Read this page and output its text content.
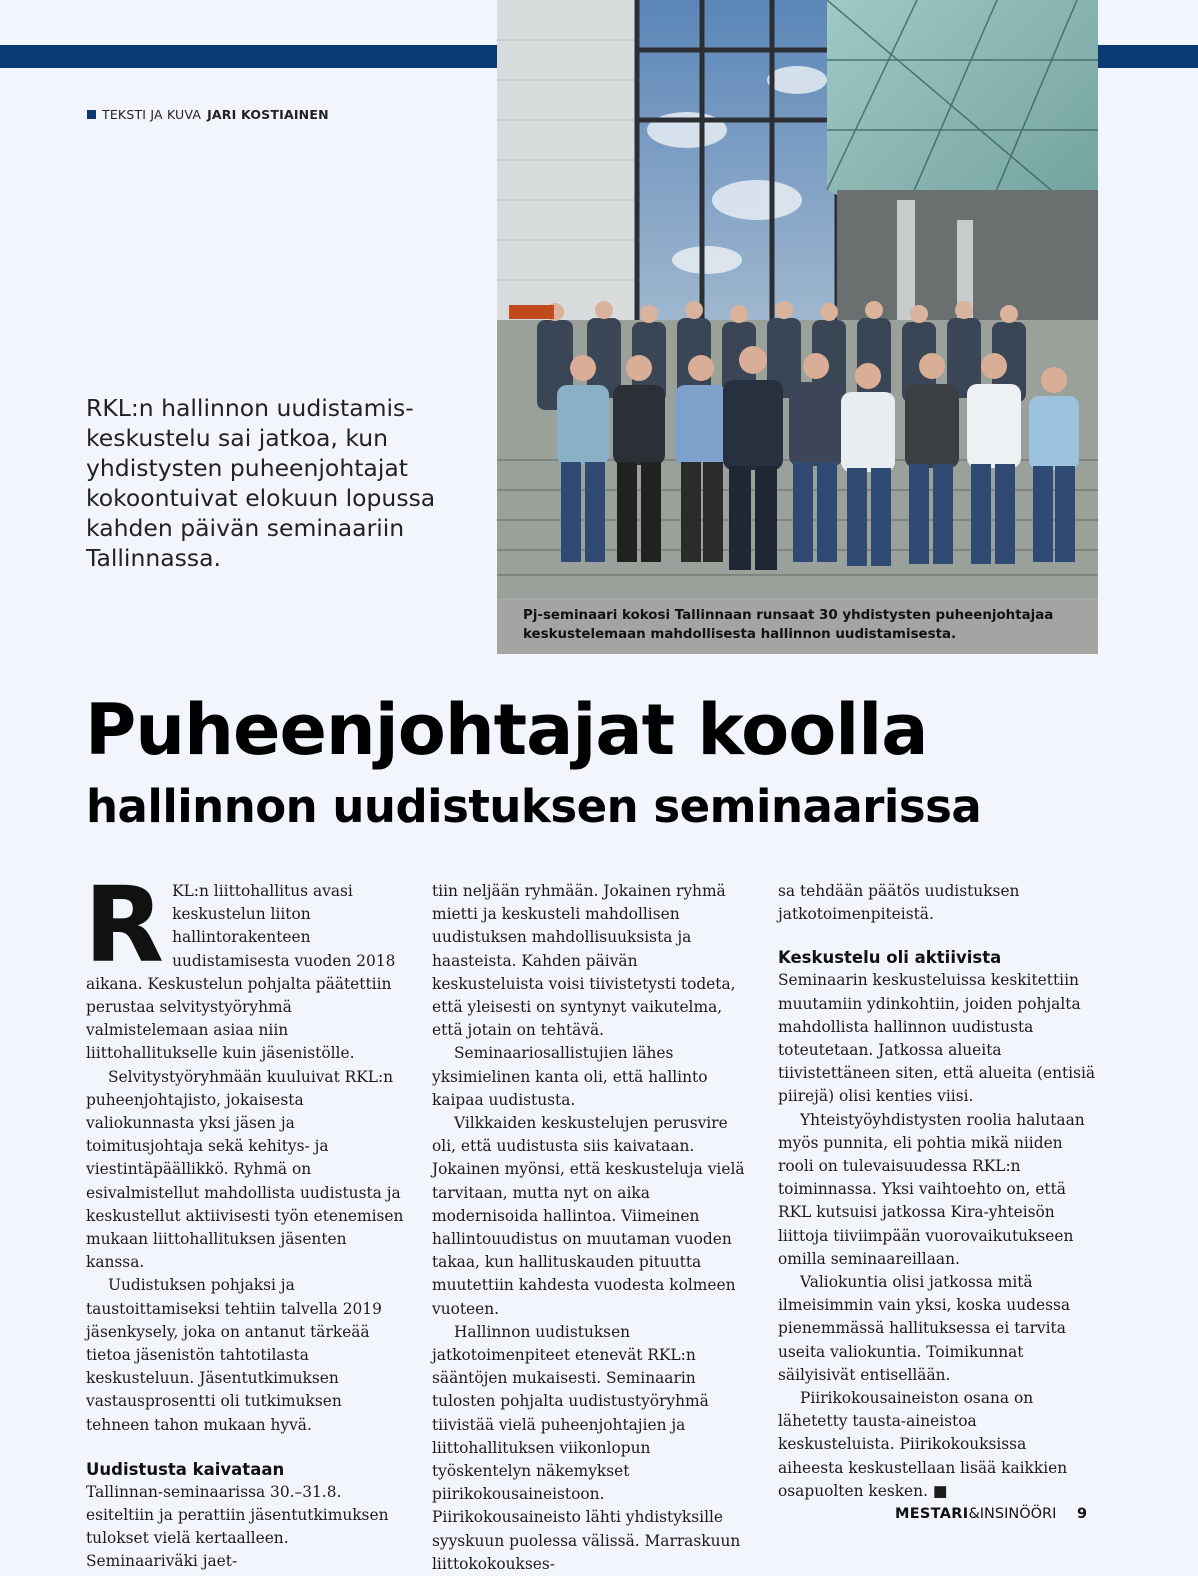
TEKSTI JA KUVA JARI KOSTIAINEN

RKL:n hallinnon uudistamis-
keskustelu sai jatkoa, kun
yhdistysten puheenjohtajat
kokoontuivat elokuun lopussa
kahden päivän seminaariin
Tallinnassa.

Pj-seminaari kokosi Tallinnaan runsaat 30 yhdistysten puheenjohtajaa
keskustelemaan mahdollisesta hallinnon uudistamisesta.

Puheenjohtajat koolla
hallinnon uudistuksen seminaarissa

RKL:n liittohallitus avasi keskustelun liiton hallintorakenteen uudistamisesta vuoden 2018 aikana. Keskustelun pohjalta päätettiin perustaa selvitystyöryhmä valmistelemaan asiaa niin liittohallitukselle kuin jäsenistölle.

Selvitystyöryhmään kuuluivat RKL:n puheenjohtajisto, jokaisesta valiokunnasta yksi jäsen ja toimitusjohtaja sekä kehitys- ja viestintäpäällikkö. Ryhmä on esivalmistellut mahdollista uudistusta ja keskustellut aktiivisesti työn etenemisen mukaan liittohallituksen jäsenten kanssa.

Uudistuksen pohjaksi ja taustoittamiseksi tehtiin talvella 2019 jäsenkysely, joka on antanut tärkeää tietoa jäsenistön tahtotilasta keskusteluun. Jäsentutkimuksen vastausprosentti oli tutkimuksen tehneen tahon mukaan hyvä.

Uudistusta kaivataan

Tallinnan-seminaarissa 30.–31.8. esiteltiin ja perattiin jäsentutkimuksen tulokset vielä kertaalleen. Seminaariväki jaet-

tiin neljään ryhmään. Jokainen ryhmä mietti ja keskusteli mahdollisen uudistuksen mahdollisuuksista ja haasteista. Kahden päivän keskusteluista voisi tiivistetysti todeta, että yleisesti on syntynyt vaikutelma, että jotain on tehtävä.

Seminaariosallistujien lähes yksimielinen kanta oli, että hallinto kaipaa uudistusta.

Vilkkaiden keskustelujen perusvire oli, että uudistusta siis kaivataan. Jokainen myönsi, että keskusteluja vielä tarvitaan, mutta nyt on aika modernisoida hallintoa. Viimeinen hallintouudistus on muutaman vuoden takaa, kun hallituskauden pituutta muutettiin kahdesta vuodesta kolmeen vuoteen.

Hallinnon uudistuksen jatkotoimenpiteet etenevät RKL:n sääntöjen mukaisesti. Seminaarin tulosten pohjalta uudistustyöryhmä tiivistää vielä puheenjohtajien ja liittohallituksen viikonlopun työskentelyn näkemykset piirikokousaineistoon. Piirikokousaineisto lähti yhdistyksille syyskuun puolessa välissä. Marraskuun liittokokoukses-

sa tehdään päätös uudistuksen jatkotoimenpiteistä.

Keskustelu oli aktiivista

Seminaarin keskusteluissa keskitettiin muutamiin ydinkohtiin, joiden pohjalta mahdollista hallinnon uudistusta toteutetaan. Jatkossa alueita tiivistettäneen siten, että alueita (entisiä piirejä) olisi kenties viisi.

Yhteistyöyhdistysten roolia halutaan myös punnita, eli pohtia mikä niiden rooli on tulevaisuudessa RKL:n toiminnassa. Yksi vaihtoehto on, että RKL kutsuisi jatkossa Kira-yhteisön liittoja tiiviimpään vuorovaikutukseen omilla seminaareillaan.

Valiokuntia olisi jatkossa mitä ilmeisimmin vain yksi, koska uudessa pienemmässä hallituksessa ei tarvita useita valiokuntia. Toimikunnat säilyisivät entisellään.

Piirikokousaineiston osana on lähetetty tausta-aineistoa keskusteluista. Piirikokouksissa aiheesta keskustellaan lisää kaikkien osapuolten kesken. ■

MESTARI&INSINÖÖRI 9
